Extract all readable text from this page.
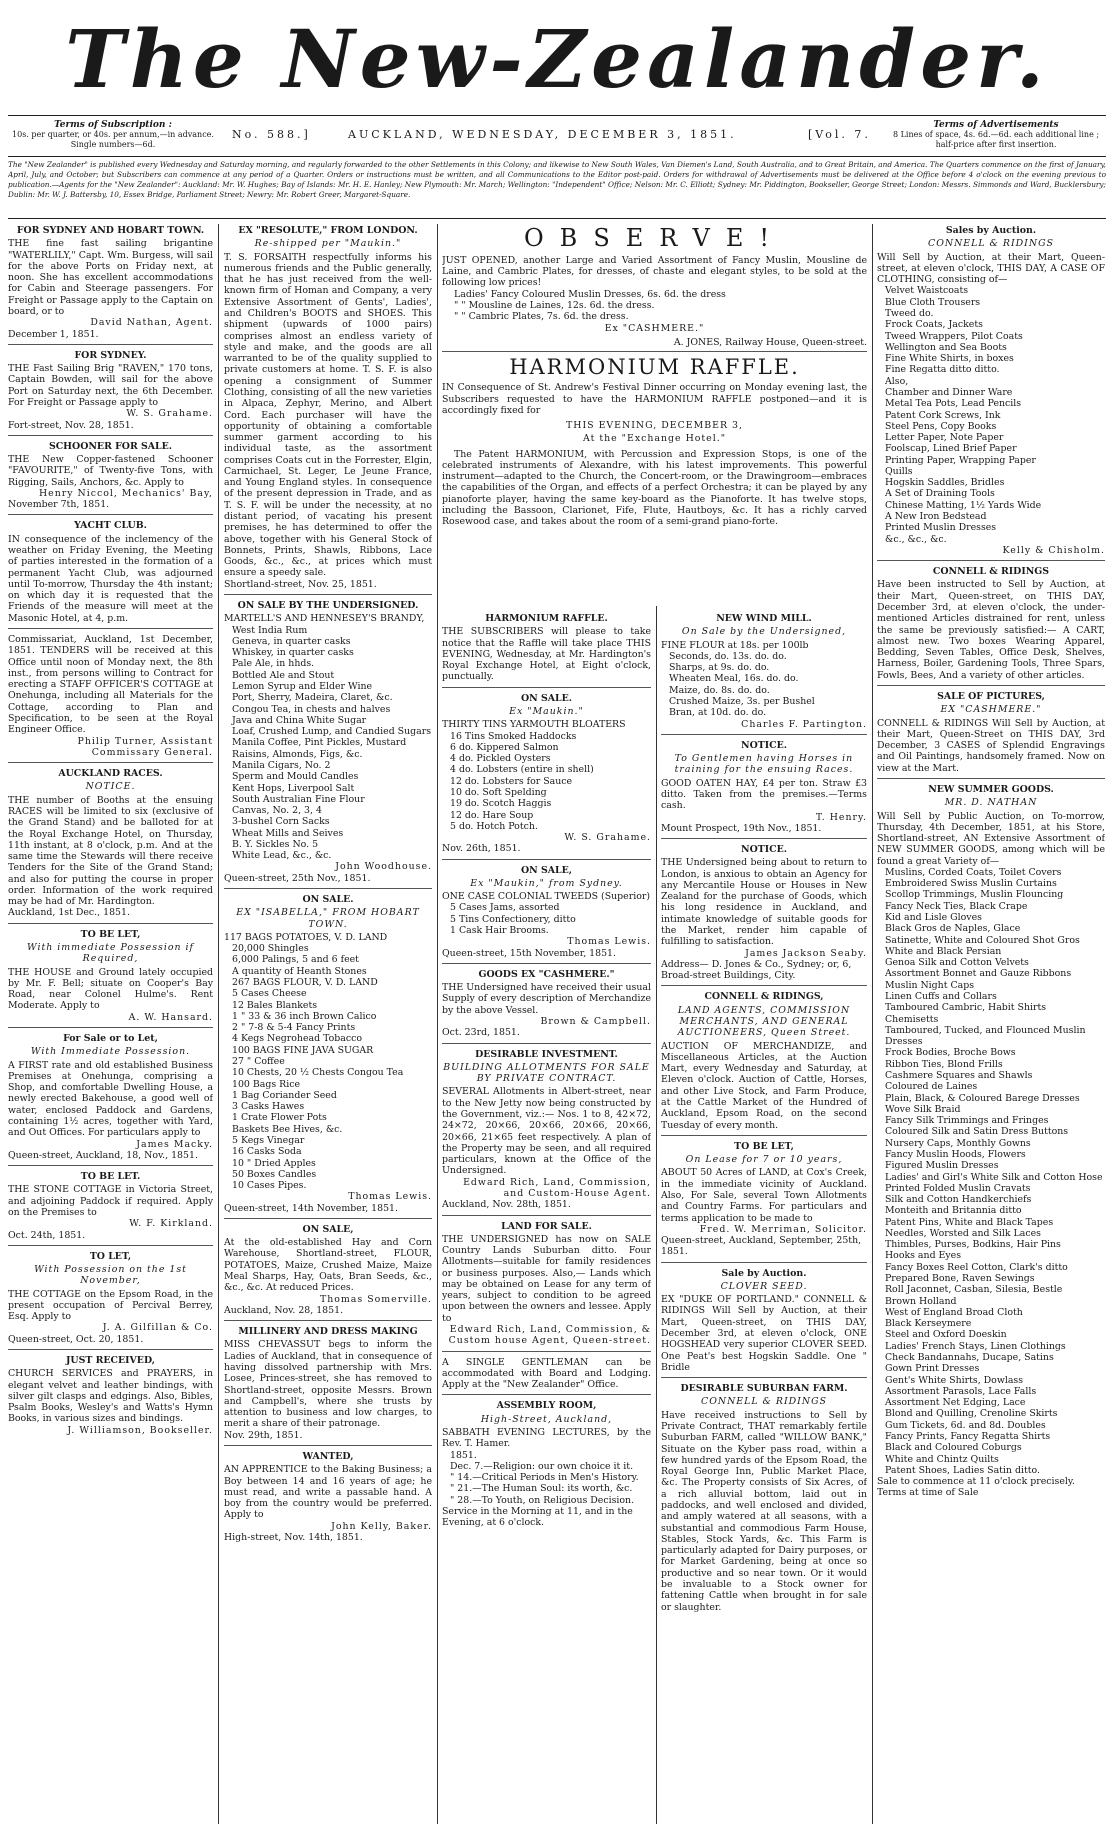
The New-Zealander.
Terms of Subscription :
10s. per quarter, or 40s. per annum,—in advance.
Single numbers—6d.
No. 588.]	AUCKLAND, WEDNESDAY, DECEMBER 3, 1851.	[Vol. 7.
Terms of Advertisements
8 Lines of space, 4s. 6d.—6d. each additional line ;
half-price after first insertion.
The "New Zealander" is published every Wednesday and Saturday morning, and regularly forwarded to the other Settlements in this Colony; and likewise to New South Wales, Van Diemen's Land, South Australia, and to Great Britain, and America. The Quarters commence on the first of January, April, July, and October; but Subscribers can commence at any period of a Quarter. Orders or instructions must be written, and all Communications to the Editor post-paid. Orders for withdrawal of Advertisements must be delivered at the Office before 4 o'clock on the evening previous to publication.—Agents for the "New Zealander": Auckland: Mr. W. Hughes; Bay of Islands: Mr. H. E. Hanley; New Plymouth: Mr. March; Wellington: "Independent" Office; Nelson: Mr. C. Elliott; Sydney: Mr. Piddington, Bookseller, George Street; London: Messrs. Simmonds and Ward, Bucklersbury; Dublin: Mr. W. J. Battersby, 10, Essex Bridge, Parliament Street; Newry: Mr. Robert Greer, Margaret-Square.
FOR SYDNEY AND HOBART TOWN.

THE fine fast sailing brigantine "WATERLILY," Capt. Wm. Burgess, will sail for the above Ports on Friday next, at noon. She has excellent accommodations for Cabin and Steerage passengers. For Freight or Passage apply to the Captain on board, or to

David Nathan, Agent.
December 1, 1851.
FOR SYDNEY.

THE Fast Sailing Brig "RAVEN," 170 tons, Captain Bowden, will sail for the above Port on Saturday next, the 6th December. For Freight or Passage apply to

W. S. Grahame.
Fort-street, Nov. 28, 1851.
SCHOONER FOR SALE.

THE New Copper-fastened Schooner "FAVOURITE," of Twenty-five Tons, with Rigging, Sails, Anchors, &c. Apply to

Henry Niccol, Mechanics' Bay,
November 7th, 1851.
YACHT CLUB.

IN consequence of the inclemency of the weather on Friday Evening, the Meeting of parties interested in the formation of a permanent Yacht Club, was adjourned until To-morrow, Thursday the 4th instant; on which day it is requested that the Friends of the measure will meet at the Masonic Hotel, at 4, p.m.

Commissariat, Auckland, 1st December, 1851. TENDERS will be received at this Office until noon of Monday next, the 8th inst., from persons willing to Contract for erecting a STAFF OFFICER'S COTTAGE at Onehunga, including all Materials for the Cottage, according to Plan and Specification, to be seen at the Royal Engineer Office.

Philip Turner, Assistant Commissary General.
AUCKLAND RACES.
NOTICE.

THE number of Booths at the ensuing RACES will be limited to six (exclusive of the Grand Stand) and be balloted for at the Royal Exchange Hotel, on Thursday, 11th instant, at 8 o'clock, p.m. And at the same time the Stewards will there receive Tenders for the Site of the Grand Stand; and also for putting the course in proper order. Information of the work required may be had of Mr. Hardington.

Auckland, 1st Dec., 1851.
TO BE LET,
With immediate Possession if Required,

THE HOUSE and Ground lately occupied by Mr. F. Bell; situate on Cooper's Bay Road, near Colonel Hulme's. Rent Moderate. Apply to

A. W. Hansard.
For Sale or to Let,
With Immediate Possession.

A FIRST rate and old established Business Premises at Onehunga, comprising a Shop, and comfortable Dwelling House, a newly erected Bakehouse, a good well of water, enclosed Paddock and Gardens, containing 1½ acres, together with Yard, and Out Offices. For particulars apply to

James Macky.
Queen-street, Auckland, 18, Nov., 1851.
TO BE LET.

THE STONE COTTAGE in Victoria Street, and adjoining Paddock if required. Apply on the Premises to

W. F. Kirkland.
Oct. 24th, 1851.
TO LET,
With Possession on the 1st November,

THE COTTAGE on the Epsom Road, in the present occupation of Percival Berrey, Esq. Apply to

J. A. Gilfillan & Co.
Queen-street, Oct. 20, 1851.
JUST RECEIVED,

CHURCH SERVICES and PRAYERS, in elegant velvet and leather bindings, with silver gilt clasps and edgings. Also, Bibles, Psalm Books, Wesley's and Watts's Hymn Books, in various sizes and bindings.

J. Williamson, Bookseller.
EX "RESOLUTE," FROM LONDON.
Re-shipped per "Maukin."

T. S. FORSAITH respectfully informs his numerous friends and the Public generally, that he has just received from the well-known firm of Homan and Company, a very Extensive Assortment of Gents', Ladies', and Children's BOOTS and SHOES. This shipment (upwards of 1000 pairs) comprises almost an endless variety of style and make, and the goods are all warranted to be of the quality supplied to private customers at home. T. S. F. is also opening a consignment of Summer Clothing, consisting of all the new varieties in Alpaca, Zephyr, Merino, and Albert Cord. Each purchaser will have the opportunity of obtaining a comfortable summer garment according to his individual taste, as the assortment comprises Coats cut in the Forrester, Elgin, Carmichael, St. Leger, Le Jeune France, and Young England styles. In consequence of the present depression in Trade, and as T. S. F. will be under the necessity, at no distant period, of vacating his present premises, he has determined to offer the above, together with his General Stock of Bonnets, Prints, Shawls, Ribbons, Lace Goods, &c., &c., at prices which must ensure a speedy sale.

Shortland-street, Nov. 25, 1851.
ON SALE BY THE UNDERSIGNED.

MARTELL'S AND HENNESEY'S BRANDY,

West India Rum
Geneva, in quarter casks
Whiskey, in quarter casks
Pale Ale, in hhds.
Bottled Ale and Stout
Lemon Syrup and Elder Wine
Port, Sherry, Madeira, Claret, &c.
Congou Tea, in chests and halves
Java and China White Sugar
Loaf, Crushed Lump, and Candied Sugars
Manila Coffee, Pint Pickles, Mustard
Raisins, Almonds, Figs, &c.
Manila Cigars, No. 2
Sperm and Mould Candles
Kent Hops, Liverpool Salt
South Australian Fine Flour
Canvas, No. 2, 3, 4
3-bushel Corn Sacks
Wheat Mills and Seives
B. Y. Sickles No. 5
White Lead, &c., &c.
John Woodhouse.
Queen-street, 25th Nov., 1851.
ON SALE.
EX "ISABELLA," FROM HOBART TOWN.

117 BAGS POTATOES, V. D. LAND

20,000 Shingles
6,000 Palings, 5 and 6 feet
A quantity of Heanth Stones
267 BAGS FLOUR, V. D. LAND
5 Cases Cheese
12 Bales Blankets
1 " 33 & 36 inch Brown Calico
2 " 7-8 & 5-4 Fancy Prints
4 Kegs Negrohead Tobacco
100 BAGS FINE JAVA SUGAR
27 " Coffee
10 Chests, 20 ½ Chests Congou Tea
100 Bags Rice
1 Bag Coriander Seed
3 Casks Hawes
1 Crate Flower Pots
Baskets Bee Hives, &c.
5 Kegs Vinegar
16 Casks Soda
10 " Dried Apples
50 Boxes Candles
10 Cases Pipes.
Thomas Lewis.
Queen-street, 14th November, 1851.
ON SALE,

At the old-established Hay and Corn Warehouse, Shortland-street, FLOUR, POTATOES, Maize, Crushed Maize, Maize Meal Sharps, Hay, Oats, Bran Seeds, &c., &c., &c. At reduced Prices.

Thomas Somerville.
Auckland, Nov. 28, 1851.
MILLINERY AND DRESS MAKING

MISS CHEVASSUT begs to inform the Ladies of Auckland, that in consequence of having dissolved partnership with Mrs. Losee, Princes-street, she has removed to Shortland-street, opposite Messrs. Brown and Campbell's, where she trusts by attention to business and low charges, to merit a share of their patronage.

Nov. 29th, 1851.
WANTED,

AN APPRENTICE to the Baking Business; a Boy between 14 and 16 years of age; he must read, and write a passable hand. A boy from the country would be preferred. Apply to

John Kelly, Baker.
High-street, Nov. 14th, 1851.
OBSERVE!

JUST OPENED, another Large and Varied Assortment of Fancy Muslin, Mousline de Laine, and Cambric Plates, for dresses, of chaste and elegant styles, to be sold at the following low prices!

Ladies' Fancy Coloured Muslin Dresses, 6s. 6d. the dress
" " Mousline de Laines, 12s. 6d. the dress.
" " Cambric Plates, 7s. 6d. the dress.
Ex "CASHMERE."
A. JONES, Railway House, Queen-street.
HARMONIUM RAFFLE.

IN Consequence of St. Andrew's Festival Dinner occurring on Monday evening last, the Subscribers requested to have the HARMONIUM RAFFLE postponed—and it is accordingly fixed for

THIS EVENING, DECEMBER 3,
At the "Exchange Hotel."

The Patent HARMONIUM, with Percussion and Expression Stops, is one of the celebrated instruments of Alexandre, with his latest improvements. This powerful instrument—adapted to the Church, the Concert-room, or the Drawingroom—embraces the capabilities of the Organ, and effects of a perfect Orchestra; it can be played by any pianoforte player, having the same key-board as the Pianoforte. It has twelve stops, including the Bassoon, Clarionet, Fife, Flute, Hautboys, &c. It has a richly carved Rosewood case, and takes about the room of a semi-grand piano-forte.

HARMONIUM RAFFLE.

THE SUBSCRIBERS will please to take notice that the Raffle will take place THIS EVENING, Wednesday, at Mr. Hardington's Royal Exchange Hotel, at Eight o'clock, punctually.

ON SALE.
Ex "Maukin."

THIRTY TINS YARMOUTH BLOATERS

16 Tins Smoked Haddocks
6 do. Kippered Salmon
4 do. Pickled Oysters
4 do. Lobsters (entire in shell)
12 do. Lobsters for Sauce
10 do. Soft Spelding
19 do. Scotch Haggis
12 do. Hare Soup
5 do. Hotch Potch.
W. S. Grahame.
Nov. 26th, 1851.
ON SALE,
Ex "Maukin," from Sydney.

ONE CASE COLONIAL TWEEDS (Superior)

5 Cases Jams, assorted
5 Tins Confectionery, ditto
1 Cask Hair Brooms.
Thomas Lewis.
Queen-street, 15th November, 1851.
GOODS EX "CASHMERE."

THE Undersigned have received their usual Supply of every description of Merchandize by the above Vessel.

Brown & Campbell.
Oct. 23rd, 1851.
DESIRABLE INVESTMENT.
BUILDING ALLOTMENTS FOR SALE BY PRIVATE CONTRACT.

SEVERAL Allotments in Albert-street, near to the New Jetty now being constructed by the Government, viz.:— Nos. 1 to 8, 42×72, 24×72, 20×66, 20×66, 20×66, 20×66, 20×66, 21×65 feet respectively. A plan of the Property may be seen, and all required particulars, known at the Office of the Undersigned.

Edward Rich, Land, Commission, and Custom-House Agent.
Auckland, Nov. 28th, 1851.
LAND FOR SALE.

THE UNDERSIGNED has now on SALE Country Lands Suburban ditto. Four Allotments—suitable for family residences or business purposes. Also,— Lands which may be obtained on Lease for any term of years, subject to condition to be agreed upon between the owners and lessee. Apply to

Edward Rich, Land, Commission, & Custom house Agent, Queen-street.

A SINGLE GENTLEMAN can be accommodated with Board and Lodging. Apply at the "New Zealander" Office.

ASSEMBLY ROOM,
High-Street, Auckland,

SABBATH EVENING LECTURES, by the Rev. T. Hamer.

1851.
Dec. 7.—Religion: our own choice it it.
" 14.—Critical Periods in Men's History.
" 21.—The Human Soul: its worth, &c.
" 28.—To Youth, on Religious Decision.
Service in the Morning at 11, and in the Evening, at 6 o'clock.
NEW WIND MILL.
On Sale by the Undersigned,

FINE FLOUR at 18s. per 100lb

Seconds, do. 13s. do. do.
Sharps, at 9s. do. do.
Wheaten Meal, 16s. do. do.
Maize, do. 8s. do. do.
Crushed Maize, 3s. per Bushel
Bran, at 10d. do. do.
Charles F. Partington.
NOTICE.
To Gentlemen having Horses in training for the ensuing Races.

GOOD OATEN HAY, £4 per ton. Straw £3 ditto. Taken from the premises.—Terms cash.

T. Henry.
Mount Prospect, 19th Nov., 1851.
NOTICE.

THE Undersigned being about to return to London, is anxious to obtain an Agency for any Mercantile House or Houses in New Zealand for the purchase of Goods, which his long residence in Auckland, and intimate knowledge of suitable goods for the Market, render him capable of fulfilling to satisfaction.

James Jackson Seaby.
Address— D. Jones & Co., Sydney; or, 6, Broad-street Buildings, City.
CONNELL & RIDINGS,
LAND AGENTS, COMMISSION MERCHANTS, AND GENERAL AUCTIONEERS, Queen Street.

AUCTION OF MERCHANDIZE, and Miscellaneous Articles, at the Auction Mart, every Wednesday and Saturday, at Eleven o'clock. Auction of Cattle, Horses, and other Live Stock, and Farm Produce, at the Cattle Market of the Hundred of Auckland, Epsom Road, on the second Tuesday of every month.

TO BE LET,
On Lease for 7 or 10 years,

ABOUT 50 Acres of LAND, at Cox's Creek, in the immediate vicinity of Auckland. Also, For Sale, several Town Allotments and Country Farms. For particulars and terms application to be made to

Fred. W. Merriman, Solicitor.
Queen-street, Auckland, September, 25th, 1851.
Sale by Auction.
CLOVER SEED.

EX "DUKE OF PORTLAND." CONNELL & RIDINGS Will Sell by Auction, at their Mart, Queen-street, on THIS DAY, December 3rd, at eleven o'clock, ONE HOGSHEAD very superior CLOVER SEED. One Peat's best Hogskin Saddle. One " Bridle

DESIRABLE SUBURBAN FARM.
CONNELL & RIDINGS

Have received instructions to Sell by Private Contract, THAT remarkably fertile Suburban FARM, called "WILLOW BANK," Situate on the Kyber pass road, within a few hundred yards of the Epsom Road, the Royal George Inn, Public Market Place, &c. The Property consists of Six Acres, of a rich alluvial bottom, laid out in paddocks, and well enclosed and divided, and amply watered at all seasons, with a substantial and commodious Farm House, Stables, Stock Yards, &c. This Farm is particularly adapted for Dairy purposes, or for Market Gardening, being at once so productive and so near town. Or it would be invaluable to a Stock owner for fattening Cattle when brought in for sale or slaughter.

Sales by Auction.
CONNELL & RIDINGS

Will Sell by Auction, at their Mart, Queen-street, at eleven o'clock, THIS DAY, A CASE OF CLOTHING, consisting of—

Velvet Waistcoats
Blue Cloth Trousers
Tweed do.
Frock Coats, Jackets
Tweed Wrappers, Pilot Coats
Wellington and Sea Boots
Fine White Shirts, in boxes
Fine Regatta ditto ditto.
Also,
Chamber and Dinner Ware
Metal Tea Pots, Lead Pencils
Patent Cork Screws, Ink
Steel Pens, Copy Books
Letter Paper, Note Paper
Foolscap, Lined Brief Paper
Printing Paper, Wrapping Paper
Quills
Hogskin Saddles, Bridles
A Set of Draining Tools
Chinese Matting, 1½ Yards Wide
A New Iron Bedstead
Printed Muslin Dresses
&c., &c., &c.
Kelly & Chisholm.
CONNELL & RIDINGS

Have been instructed to Sell by Auction, at their Mart, Queen-street, on THIS DAY, December 3rd, at eleven o'clock, the under-mentioned Articles distrained for rent, unless the same be previously satisfied:— A CART, almost new. Two boxes Wearing Apparel, Bedding, Seven Tables, Office Desk, Shelves, Harness, Boiler, Gardening Tools, Three Spars, Fowls, Bees, And a variety of other articles.

SALE OF PICTURES,
EX "CASHMERE."

CONNELL & RIDINGS Will Sell by Auction, at their Mart, Queen-Street on THIS DAY, 3rd December, 3 CASES of Splendid Engravings and Oil Paintings, handsomely framed. Now on view at the Mart.

NEW SUMMER GOODS.
MR. D. NATHAN

Will Sell by Public Auction, on To-morrow, Thursday, 4th December, 1851, at his Store, Shortland-street, AN Extensive Assortment of NEW SUMMER GOODS, among which will be found a great Variety of—

Muslins, Corded Coats, Toilet Covers
Embroidered Swiss Muslin Curtains
Scollop Trimmings, Muslin Flouncing
Fancy Neck Ties, Black Crape
Kid and Lisle Gloves
Black Gros de Naples, Glace
Satinette, White and Coloured Shot Gros
White and Black Persian
Genoa Silk and Cotton Velvets
Assortment Bonnet and Gauze Ribbons
Muslin Night Caps
Linen Cuffs and Collars
Tamboured Cambric, Habit Shirts
Chemisetts
Tamboured, Tucked, and Flounced Muslin Dresses
Frock Bodies, Broche Bows
Ribbon Ties, Blond Frills
Cashmere Squares and Shawls
Coloured de Laines
Plain, Black, & Coloured Barege Dresses
Wove Silk Braid
Fancy Silk Trimmings and Fringes
Coloured Silk and Satin Dress Buttons
Nursery Caps, Monthly Gowns
Fancy Muslin Hoods, Flowers
Figured Muslin Dresses
Ladies' and Girl's White Silk and Cotton Hose
Printed Folded Muslin Cravats
Silk and Cotton Handkerchiefs
Monteith and Britannia ditto
Patent Pins, White and Black Tapes
Needles, Worsted and Silk Laces
Thimbles, Purses, Bodkins, Hair Pins
Hooks and Eyes
Fancy Boxes Reel Cotton, Clark's ditto
Prepared Bone, Raven Sewings
Roll Jaconnet, Casban, Silesia, Bestle
Brown Holland
West of England Broad Cloth
Black Kerseymere
Steel and Oxford Doeskin
Ladies' French Stays, Linen Clothings
Check Bandannahs, Ducape, Satins
Gown Print Dresses
Gent's White Shirts, Dowlass
Assortment Parasols, Lace Falls
Assortment Net Edging, Lace
Blond and Quilling, Crenoline Skirts
Gum Tickets, 6d. and 8d. Doubles
Fancy Prints, Fancy Regatta Shirts
Black and Coloured Coburgs
White and Chintz Quilts
Patent Shoes, Ladies Satin ditto.
Sale to commence at 11 o'clock precisely. Terms at time of Sale
